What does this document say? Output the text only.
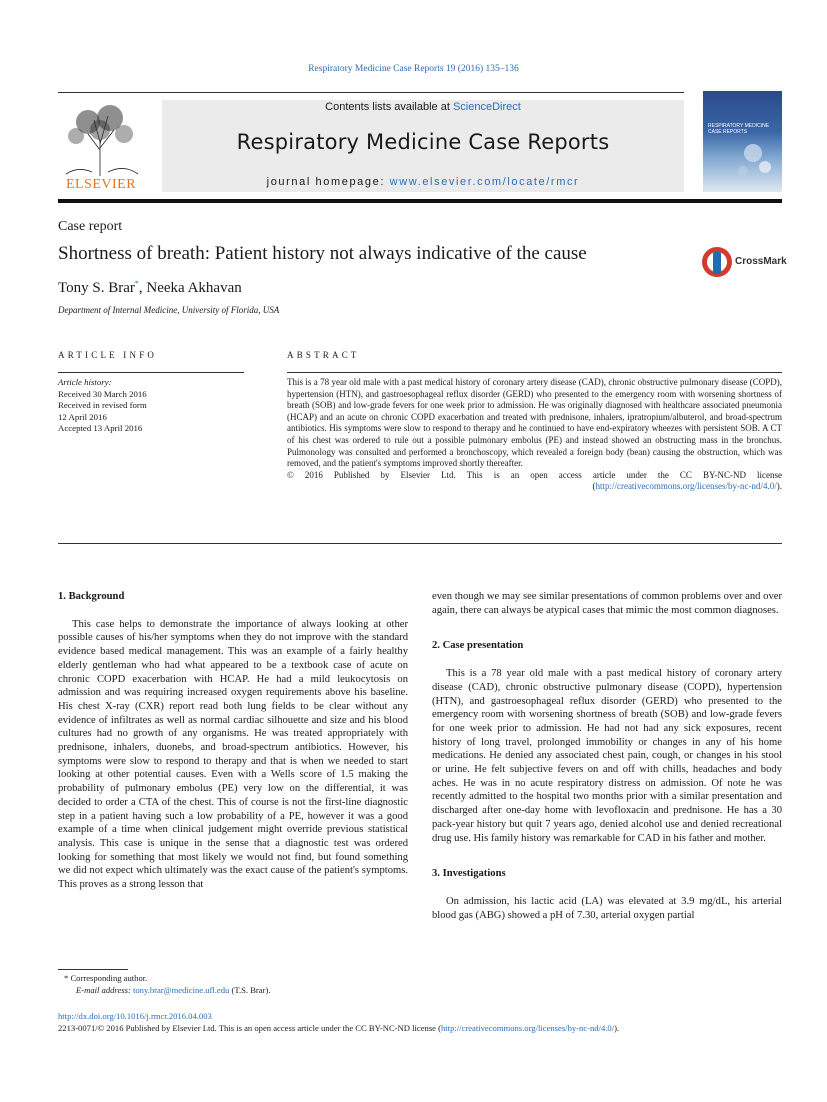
Respiratory Medicine Case Reports 19 (2016) 135–136
ELSEVIER
Contents lists available at ScienceDirect
Respiratory Medicine Case Reports
journal homepage: www.elsevier.com/locate/rmcr
RESPIRATORY MEDICINE CASE REPORTS
Case report
Shortness of breath: Patient history not always indicative of the cause	CrossMark
Tony S. Brar*, Neeka Akhavan
Department of Internal Medicine, University of Florida, USA
ARTICLE INFO	ABSTRACT
Article history:
Received 30 March 2016
Received in revised form
12 April 2016
Accepted 13 April 2016
This is a 78 year old male with a past medical history of coronary artery disease (CAD), chronic obstructive pulmonary disease (COPD), hypertension (HTN), and gastroesophageal reflux disorder (GERD) who presented to the emergency room with worsening shortness of breath (SOB) and low-grade fevers for one week prior to admission. He was originally diagnosed with healthcare associated pneumonia (HCAP) and an acute on chronic COPD exacerbation and treated with prednisone, inhalers, ipratropium/albuterol, and broad-spectrum antibiotics. His symptoms were slow to respond to therapy and he continued to have end-expiratory wheezes with persistent SOB. A CT of his chest was ordered to rule out a possible pulmonary embolus (PE) and instead showed an obstructing mass in the bronchus. Pulmonology was consulted and performed a bronchoscopy, which revealed a foreign body (bean) causing the obstruction, which was removed, and the patient's symptoms improved shortly thereafter.
© 2016 Published by Elsevier Ltd. This is an open access article under the CC BY-NC-ND license (http://creativecommons.org/licenses/by-nc-nd/4.0/).
1. Background

This case helps to demonstrate the importance of always looking at other possible causes of his/her symptoms when they do not improve with the standard evidence based medical management. This was an example of a fairly healthy elderly gentleman who had what appeared to be a textbook case of acute on chronic COPD exacerbation with HCAP. He had a mild leukocytosis on admission and was requiring increased oxygen requirements above his baseline. His chest X-ray (CXR) report read both lung fields to be clear without any evidence of infiltrates as well as normal cardiac silhouette and size and his blood cultures had no growth of any organisms. He was treated appropriately with prednisone, inhalers, duonebs, and broad-spectrum antibiotics. However, his symptoms were slow to respond to therapy and that is when we needed to start looking at other potential causes. Even with a Wells score of 1.5 making the probability of pulmonary embolus (PE) very low on the differential, it was decided to order a CTA of the chest. This of course is not the first-line diagnostic step in a patient having such a low probability of a PE, however it was a good example of a time when clinical judgement might override previous statistical analysis. This case is unique in the sense that a diagnostic test was ordered looking for something that most likely we would not find, but found something we did not expect which ultimately was the exact cause of the patient's symptoms. This proves as a strong lesson that

even though we may see similar presentations of common problems over and over again, there can always be atypical cases that mimic the most common diagnoses.

2. Case presentation

This is a 78 year old male with a past medical history of coronary artery disease (CAD), chronic obstructive pulmonary disease (COPD), hypertension (HTN), and gastroesophageal reflux disorder (GERD) who presented to the emergency room with worsening shortness of breath (SOB) and low-grade fevers for one week prior to admission. He had not had any sick exposures, recent history of long travel, prolonged immobility or changes in any of his home medications. He denied any associated chest pain, cough, or changes in his stool or urine. He felt subjective fevers on and off with chills, headaches and body aches. He was in no acute respiratory distress on admission. Of note he was recently admitted to the hospital two months prior with a similar presentation and discharged after one-day home with levofloxacin and prednisone. He has a 30 pack-year history but quit 7 years ago, denied alcohol use and denied recreational drug use. His family history was remarkable for CAD in his father and mother.

3. Investigations

On admission, his lactic acid (LA) was elevated at 3.9 mg/dL, his arterial blood gas (ABG) showed a pH of 7.30, arterial oxygen partial

* Corresponding author.
E-mail address: tony.brar@medicine.ufl.edu (T.S. Brar).
http://dx.doi.org/10.1016/j.rmcr.2016.04.003
2213-0071/© 2016 Published by Elsevier Ltd. This is an open access article under the CC BY-NC-ND license (http://creativecommons.org/licenses/by-nc-nd/4.0/).
